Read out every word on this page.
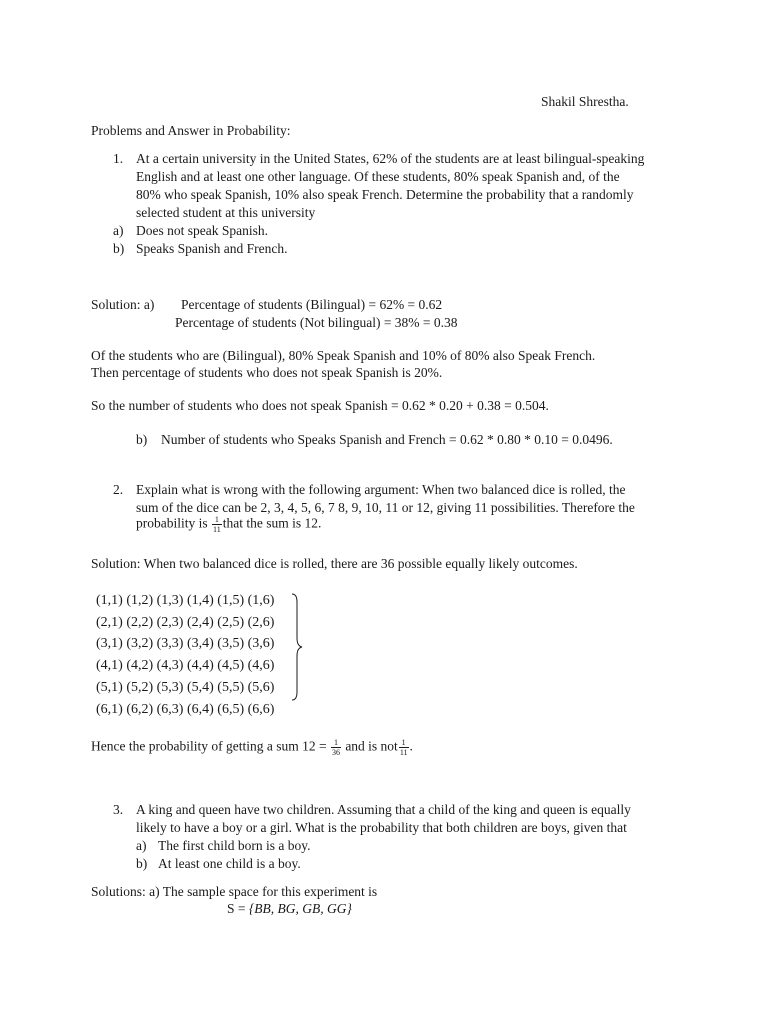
Shakil Shrestha.
Problems and Answer in Probability:
1. At a certain university in the United States, 62% of the students are at least bilingual-speaking
English and at least one other language. Of these students, 80% speak Spanish and, of the
80% who speak Spanish, 10% also speak French. Determine the probability that a randomly
selected student at this university
a) Does not speak Spanish.
b) Speaks Spanish and French.
Solution: a) Percentage of students (Bilingual) = 62% = 0.62
Percentage of students (Not bilingual) = 38% = 0.38
Of the students who are (Bilingual), 80% Speak Spanish and 10% of 80% also Speak French.
Then percentage of students who does not speak Spanish is 20%.
So the number of students who does not speak Spanish = 0.62 * 0.20 + 0.38 = 0.504.
b) Number of students who Speaks Spanish and French = 0.62 * 0.80 * 0.10 = 0.0496.
2. Explain what is wrong with the following argument: When two balanced dice is rolled, the
sum of the dice can be 2, 3, 4, 5, 6, 7 8, 9, 10, 11 or 12, giving 11 possibilities. Therefore the
probability is $\frac{1}{11}$ that the sum is 12.
Solution: When two balanced dice is rolled, there are 36 possible equally likely outcomes.
(1,1) (1,2) (1,3) (1,4) (1,5) (1,6)
(2,1) (2,2) (2,3) (2,4) (2,5) (2,6)
(3,1) (3,2) (3,3) (3,4) (3,5) (3,6)
(4,1) (4,2) (4,3) (4,4) (4,5) (4,6)
(5,1) (5,2) (5,3) (5,4) (5,5) (5,6)
(6,1) (6,2) (6,3) (6,4) (6,5) (6,6)
Hence the probability of getting a sum $12 = \frac{1}{36}$ and is not $\frac{1}{11}$ .
3. A king and queen have two children. Assuming that a child of the king and queen is equally
likely to have a boy or a girl. What is the probability that both children are boys, given that
a) The first child born is a boy.
b) At least one child is a boy.
Solutions: a) The sample space for this experiment is
S = {BB, BG, GB, GG}
